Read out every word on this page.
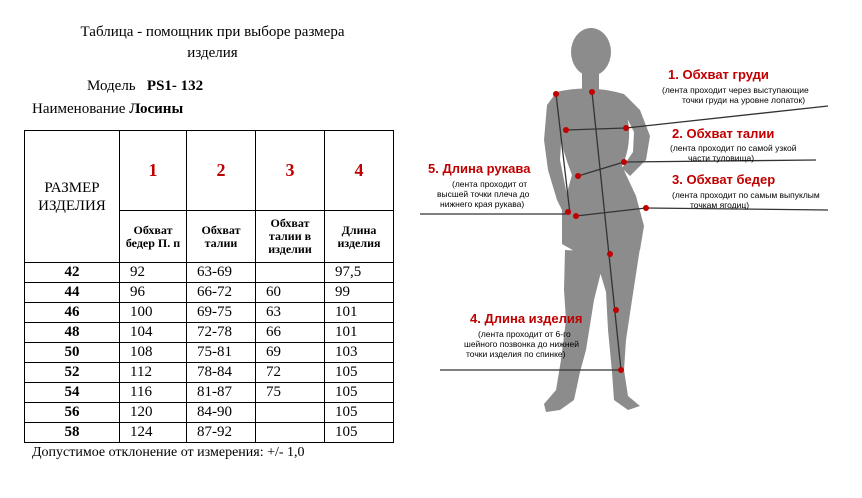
Таблица - помощник при выборе размера
изделия
Модель PS1- 132
Наименование Лосины
РАЗМЕР ИЗДЕЛИЯ	1	2	3	4
	Обхват бедер П. п	Обхват талии	Обхват талии в изделии	Длина изделия
42	92	63-69		97,5
44	96	66-72	60	99
46	100	69-75	63	101
48	104	72-78	66	101
50	108	75-81	69	103
52	112	78-84	72	105
54	116	81-87	75	105
56	120	84-90		105
58	124	87-92		105
Допустимое отклонение от измерения: +/- 1,0
1. Обхват груди
(лента проходит через выступающие
точки груди на уровне лопаток)
2. Обхват талии
(лента проходит по самой узкой
части туловища)
3. Обхват бедер
(лента проходит по самым выпуклым
точкам ягодиц)
5. Длина рукава
(лента проходит от
высшей точки плеча до
нижнего края рукава)
4. Длина изделия
(лента проходит от 6-го
шейного позвонка до нижней
точки изделия по спинке)
